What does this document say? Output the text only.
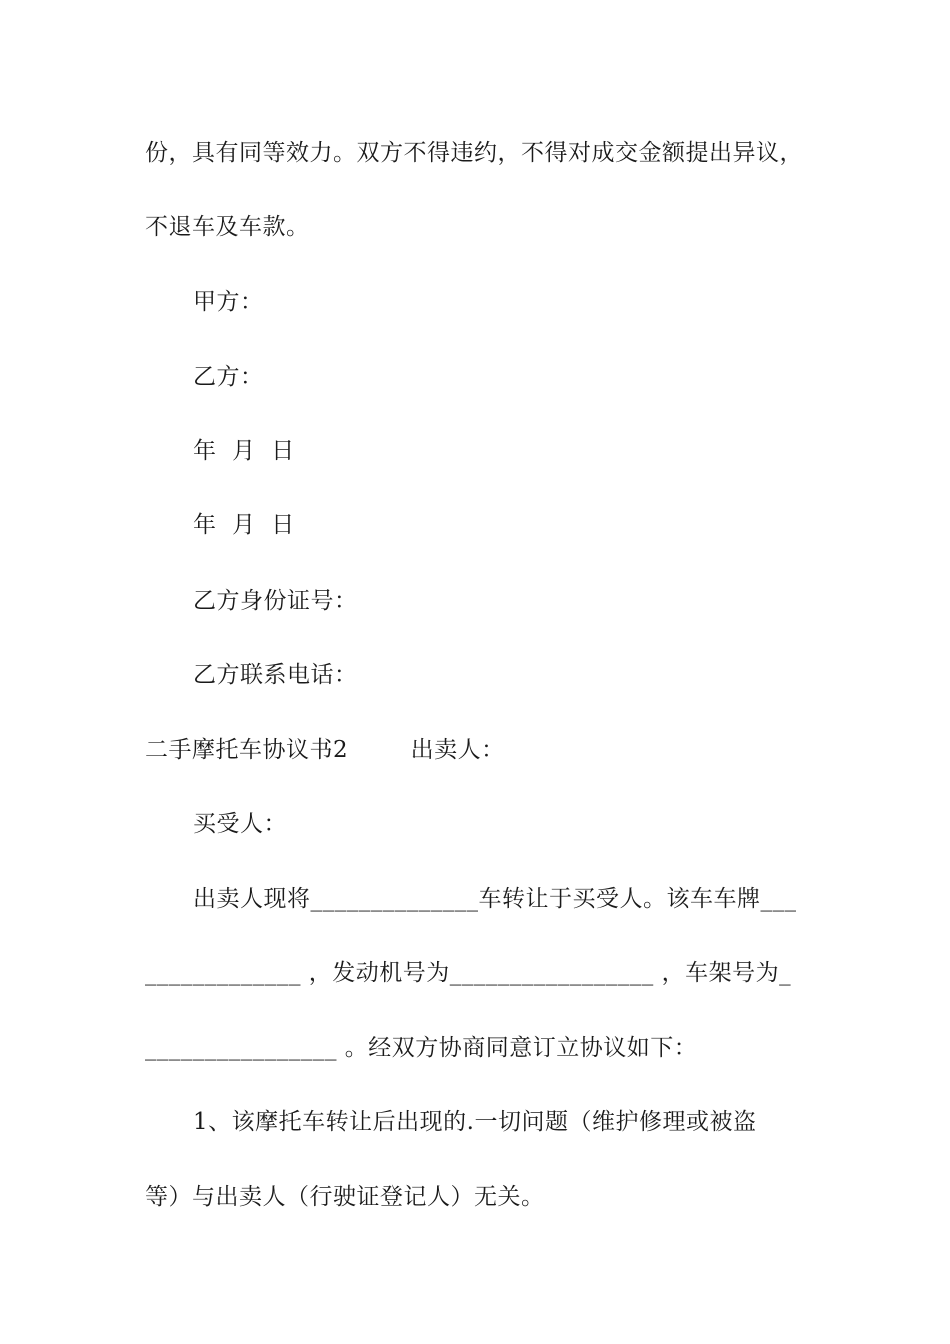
份，具有同等效力。双方不得违约，不得对成交金额提出异议，
不退车及车款。
甲方：
乙方：
年  月  日
年  月  日
乙方身份证号：
乙方联系电话：
二手摩托车协议书2        出卖人：
买受人：
出卖人现将______________车转让于买受人。该车车牌___
_____________ ，发动机号为_________________ ，车架号为_
________________ 。经双方协商同意订立协议如下：
1、该摩托车转让后出现的.一切问题（维护修理或被盗
等）与出卖人（行驶证登记人）无关。
